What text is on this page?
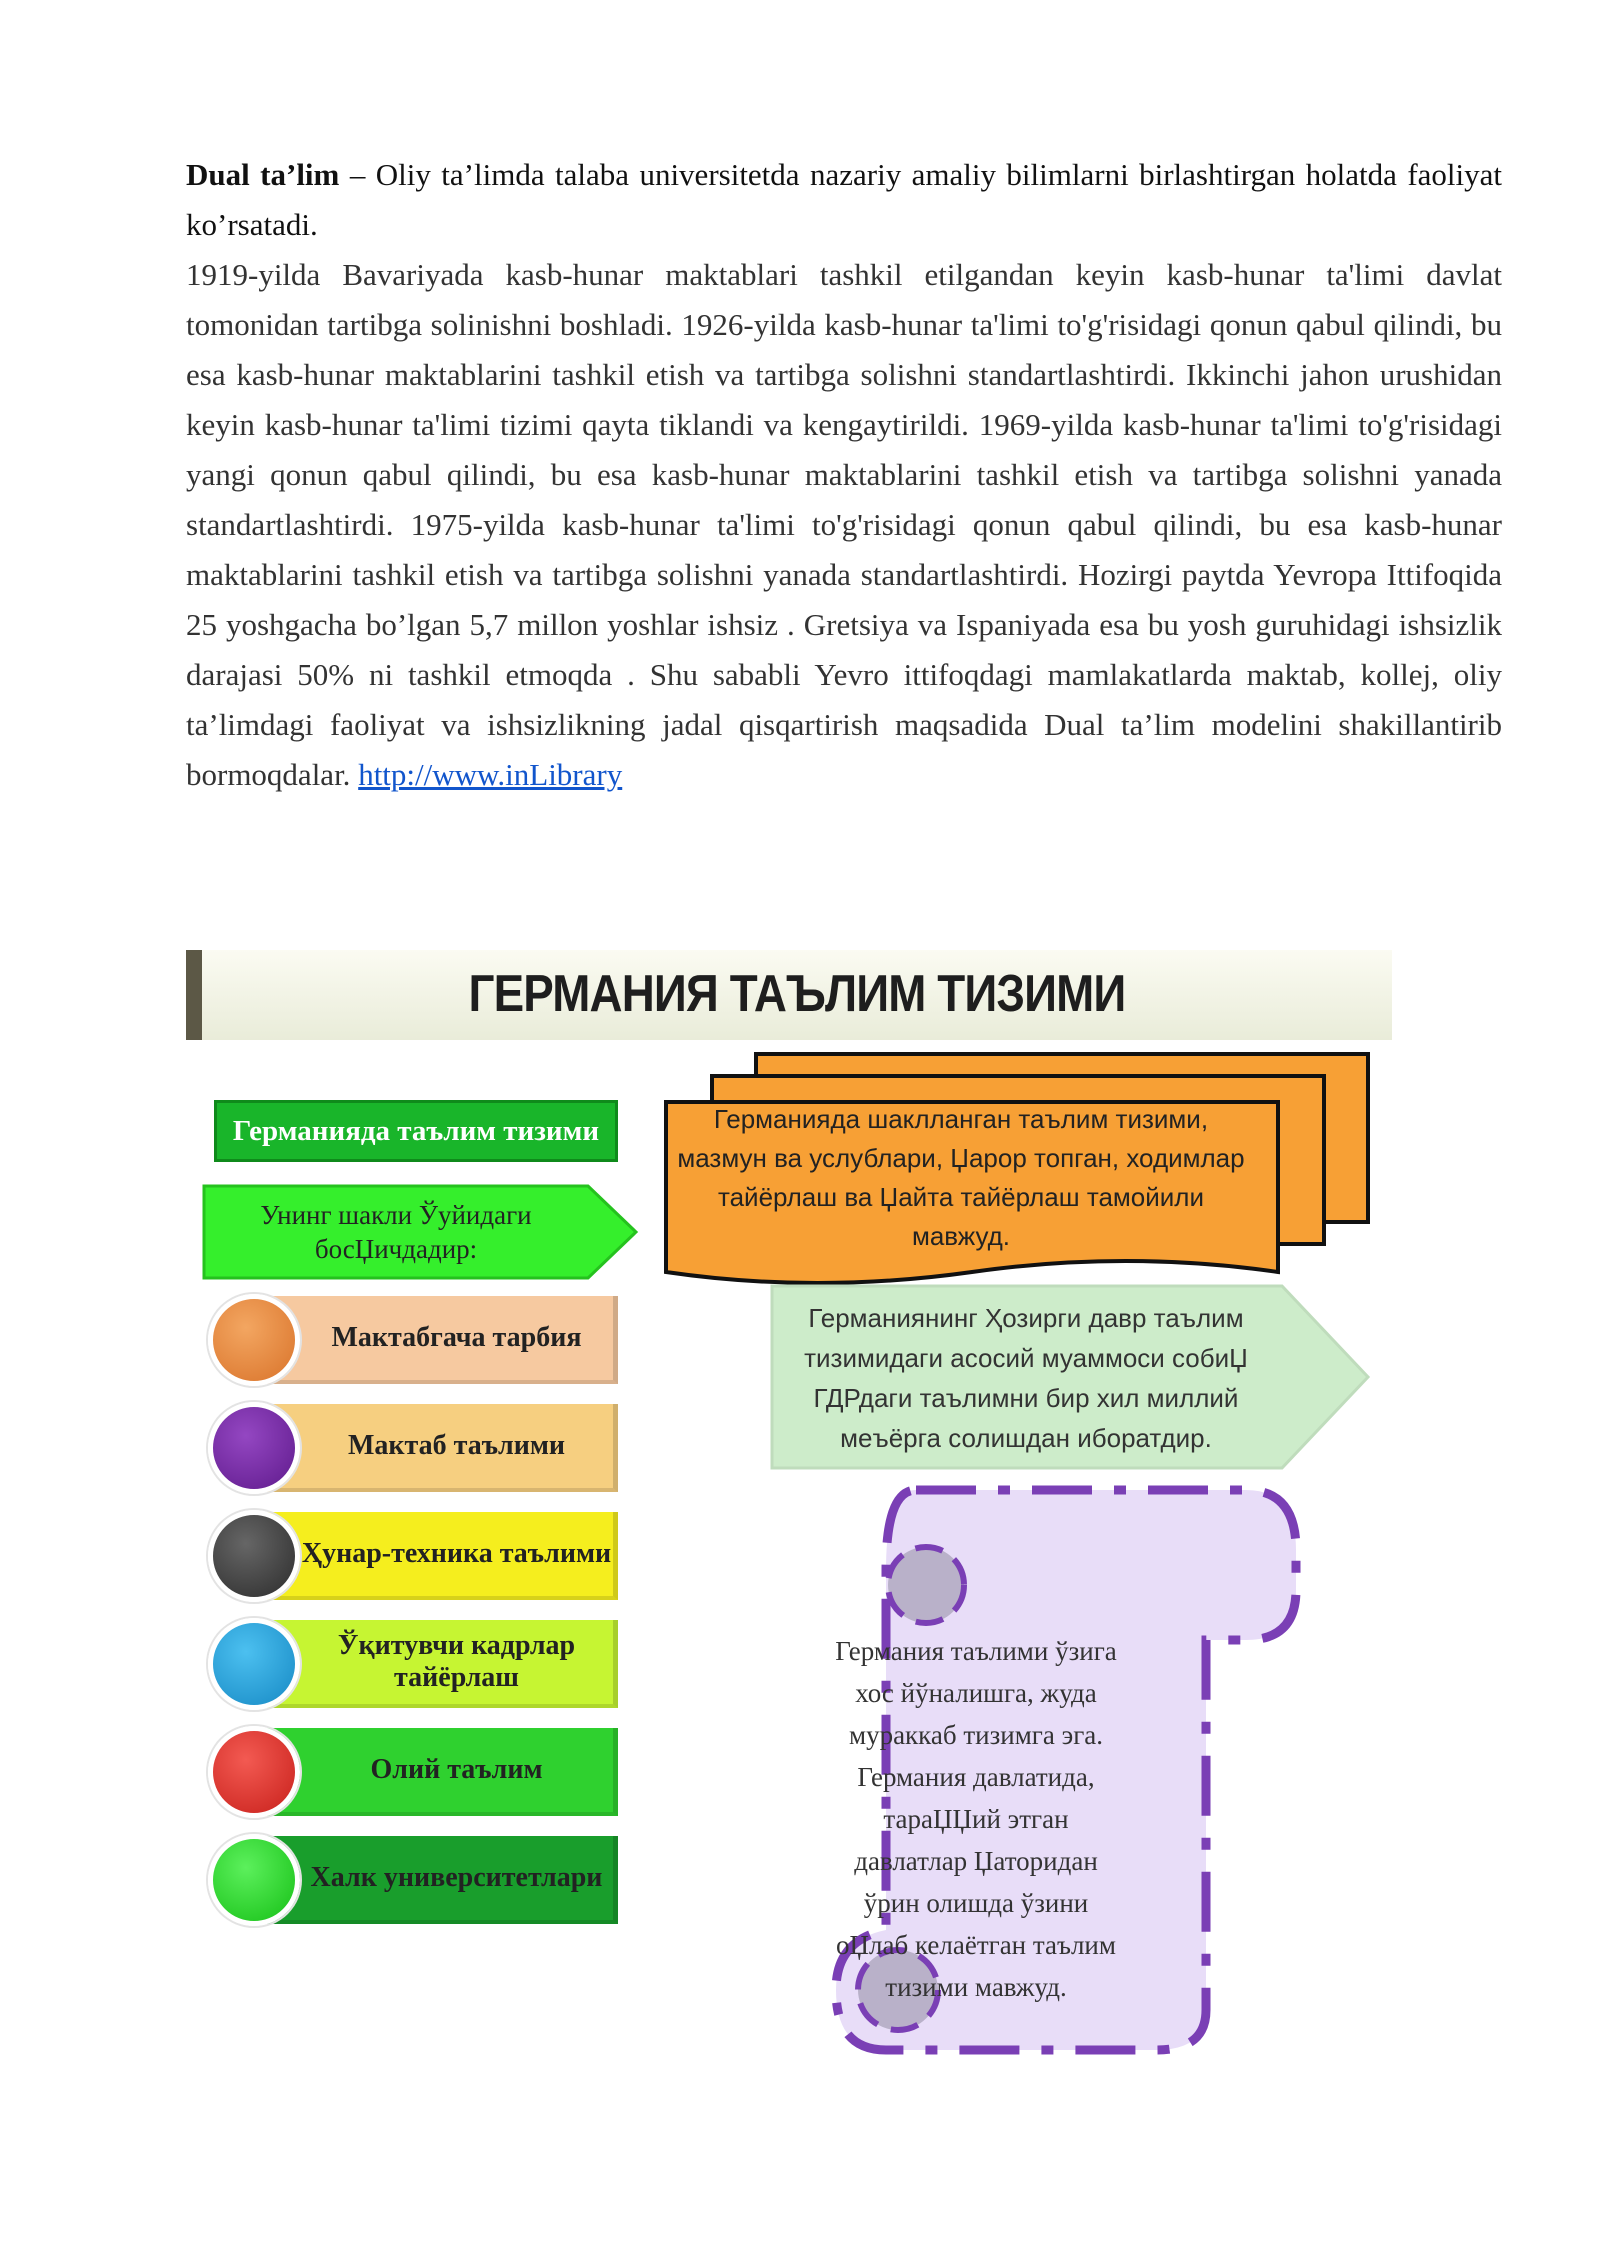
Dual ta’lim – Oliy ta’limda talaba universitetda nazariy amaliy bilimlarni birlashtirgan holatda faoliyat ko’rsatadi.

1919-yilda Bavariyada kasb-hunar maktablari tashkil etilgandan keyin kasb-hunar ta'limi davlat tomonidan tartibga solinishni boshladi. 1926-yilda kasb-hunar ta'limi to'g'risidagi qonun qabul qilindi, bu esa kasb-hunar maktablarini tashkil etish va tartibga solishni standartlashtirdi. Ikkinchi jahon urushidan keyin kasb-hunar ta'limi tizimi qayta tiklandi va kengaytirildi. 1969-yilda kasb-hunar ta'limi to'g'risidagi yangi qonun qabul qilindi, bu esa kasb-hunar maktablarini tashkil etish va tartibga solishni yanada standartlashtirdi. 1975-yilda kasb-hunar ta'limi to'g'risidagi qonun qabul qilindi, bu esa kasb-hunar maktablarini tashkil etish va tartibga solishni yanada standartlashtirdi. Hozirgi paytda Yevropa Ittifoqida 25 yoshgacha bo’lgan 5,7 millon yoshlar ishsiz . Gretsiya va Ispaniyada esa bu yosh guruhidagi ishsizlik darajasi 50% ni tashkil etmoqda . Shu sababli Yevro ittifoqdagi mamlakatlarda maktab, kollej, oliy ta’limdagi faoliyat va ishsizlikning jadal qisqartirish maqsadida Dual ta’lim modelini shakillantirib bormoqdalar. http://www.inLibrary

ГЕРМАНИЯ ТАЪЛИМ ТИЗИМИ
Германияда таълим тизими
Унинг шакли Ўуйидаги босЏичдадир:
Мактабгача тарбия
Мактаб таълими
Ҳунар-техника таълими
Ўқитувчи кадрлар тайёрлаш
Олий таълим
Халк университетлари
Германияда шаклланган таълим тизими, мазмун ва услублари, Џарор топган, ходимлар тайёрлаш ва Џайта тайёрлаш тамойили мавжуд.
Германиянинг Ҳозирги давр таълим тизимидаги асосий муаммоси собиЏ ГДРдаги таълимни бир хил миллий меъёрга солишдан иборатдир.
Германия таълими ўзига хос йўналишга, жуда мураккаб тизимга эга. Германия давлатида, тараЏЏий этган давлатлар Џаторидан ўрин олишда ўзини оЏлаб келаётган таълим тизими мавжуд.
